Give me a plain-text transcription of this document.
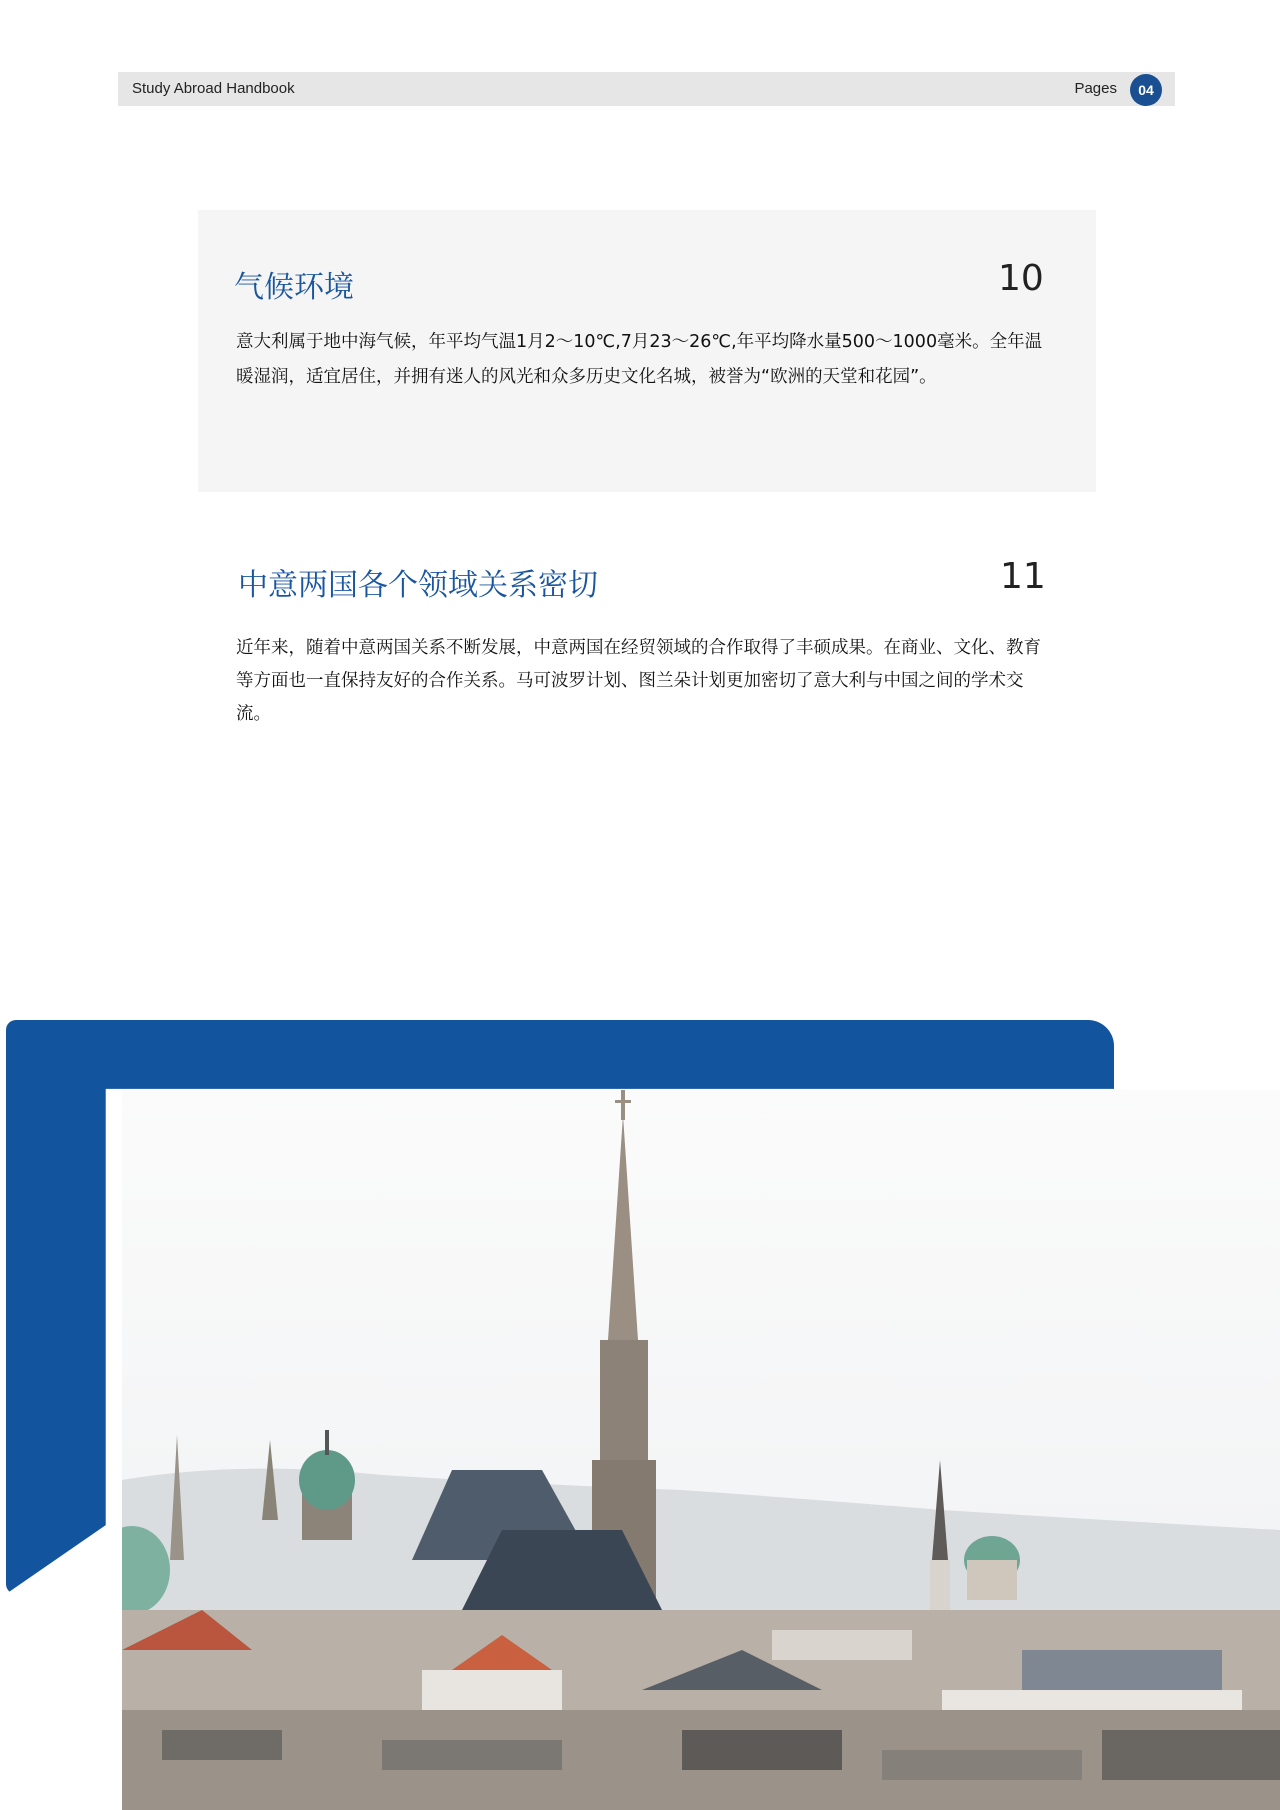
Study Abroad Handbook	Pages	04
气候环境	10
意大利属于地中海气候，年平均气温1月2～10℃,7月23～26℃,年平均降水量500～1000毫米。全年温暖湿润，适宜居住，并拥有迷人的风光和众多历史文化名城，被誉为“欧洲的天堂和花园”。
中意两国各个领域关系密切	11
近年来，随着中意两国关系不断发展，中意两国在经贸领域的合作取得了丰硕成果。在商业、文化、教育等方面也一直保持友好的合作关系。马可波罗计划、图兰朵计划更加密切了意大利与中国之间的学术交流。
